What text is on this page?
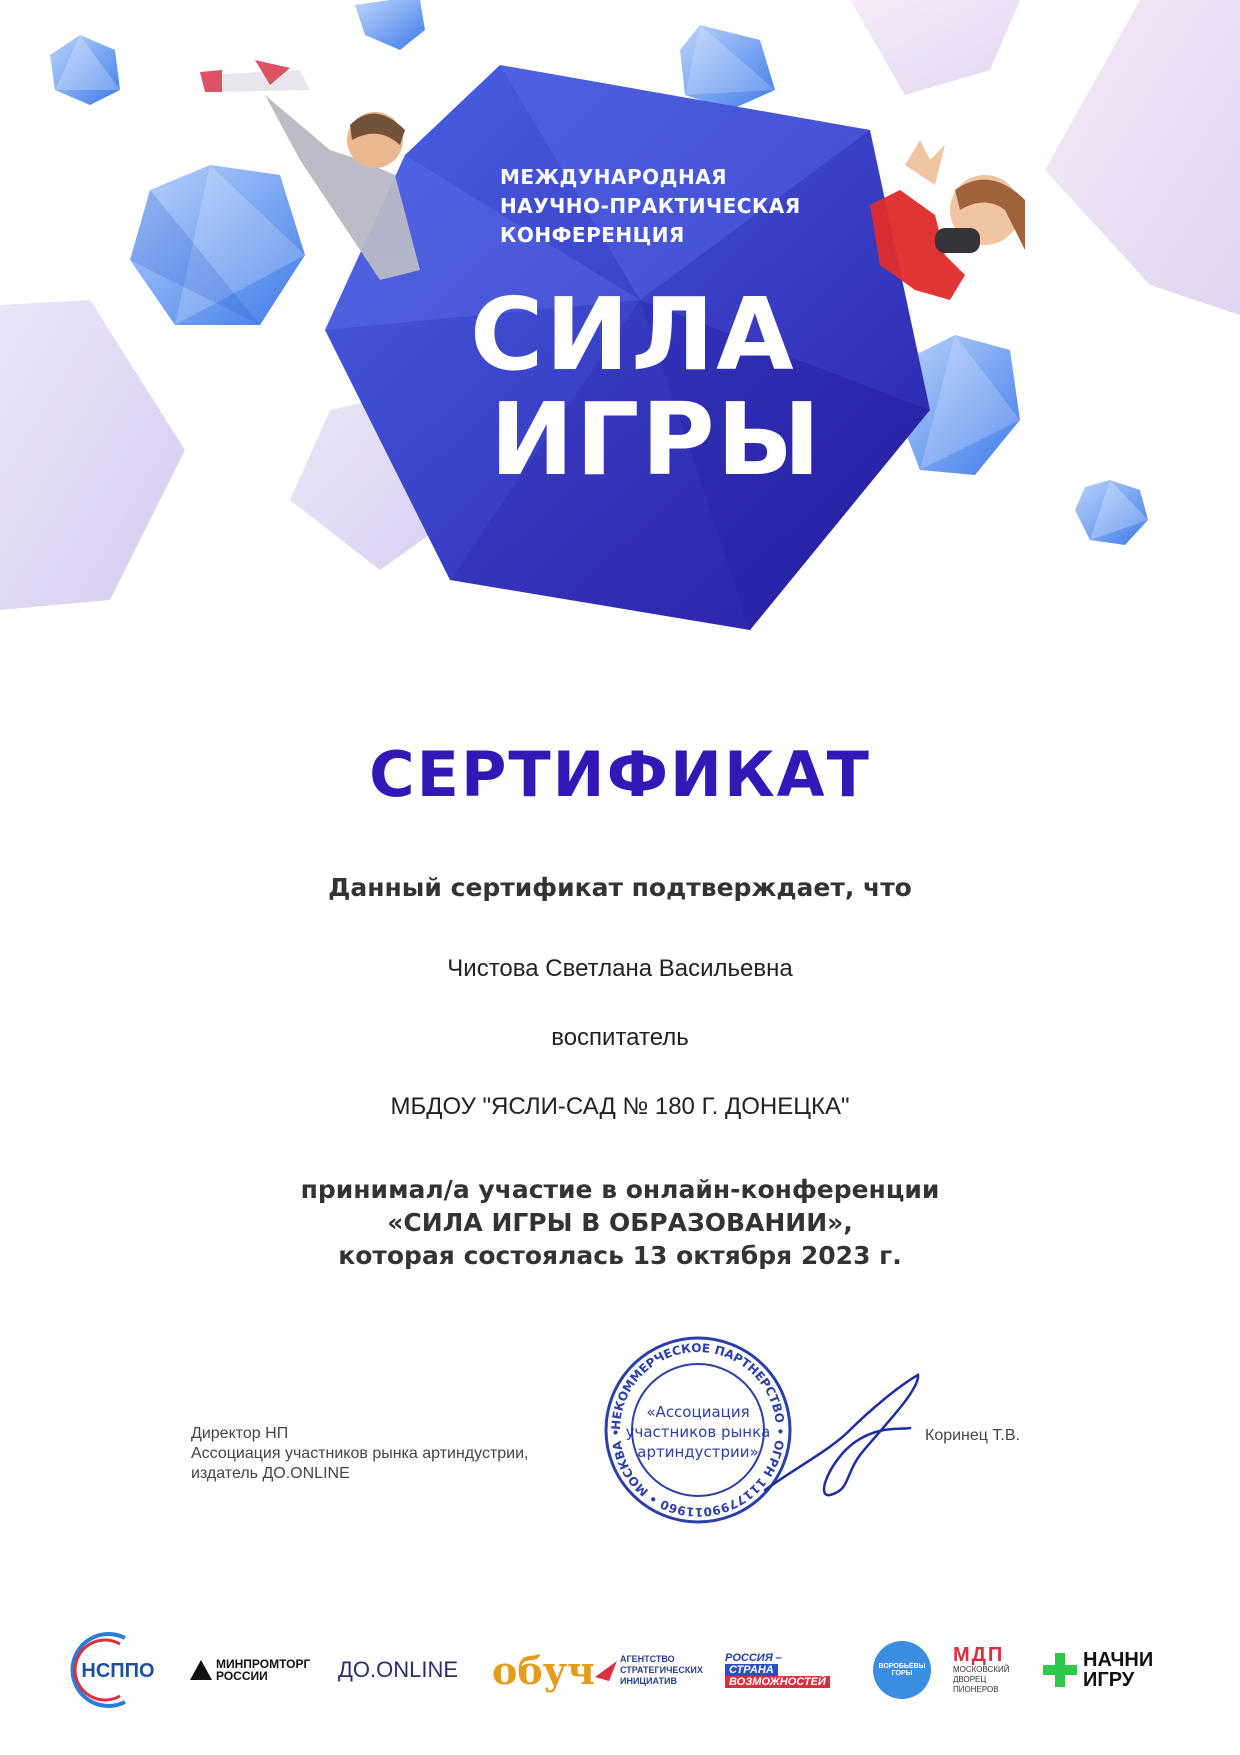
МЕЖДУНАРОДНАЯ
НАУЧНО-ПРАКТИЧЕСКАЯ
КОНФЕРЕНЦИЯ
СИЛА
ИГРЫ
СЕРТИФИКАТ
Данный сертификат подтверждает, что
Чистова Светлана Васильевна
воспитатель
МБДОУ "ЯСЛИ-САД № 180 Г. ДОНЕЦКА"
принимал/а участие в онлайн-конференции
«СИЛА ИГРЫ В ОБРАЗОВАНИИ»,
которая состоялась 13 октября 2023 г.
Директор НП
Ассоциация участников рынка артиндустрии,
издатель ДО.ONLINE
Коринец Т.В.
НЕКОММЕРЧЕСКОЕ ПАРТНЕРСТВО • ОГРН 1117799011960 • МОСКВА •
«Ассоциация
участников рынка
артиндустрии»
НСППО	МИНПРОМТОРГ
РОССИИ	ДО.ONLINE обуч	АГЕНТСТВО
СТРАТЕГИЧЕСКИХ
ИНИЦИАТИВ
РОССИЯ –
СТРАНА
ВОЗМОЖНОСТЕЙ
ВОРОБЬЁВЫ
ГОРЫ
МДП
МОСКОВСКИЙ
ДВОРЕЦ
ПИОНЕРОВ
НАЧНИ
ИГРУ
